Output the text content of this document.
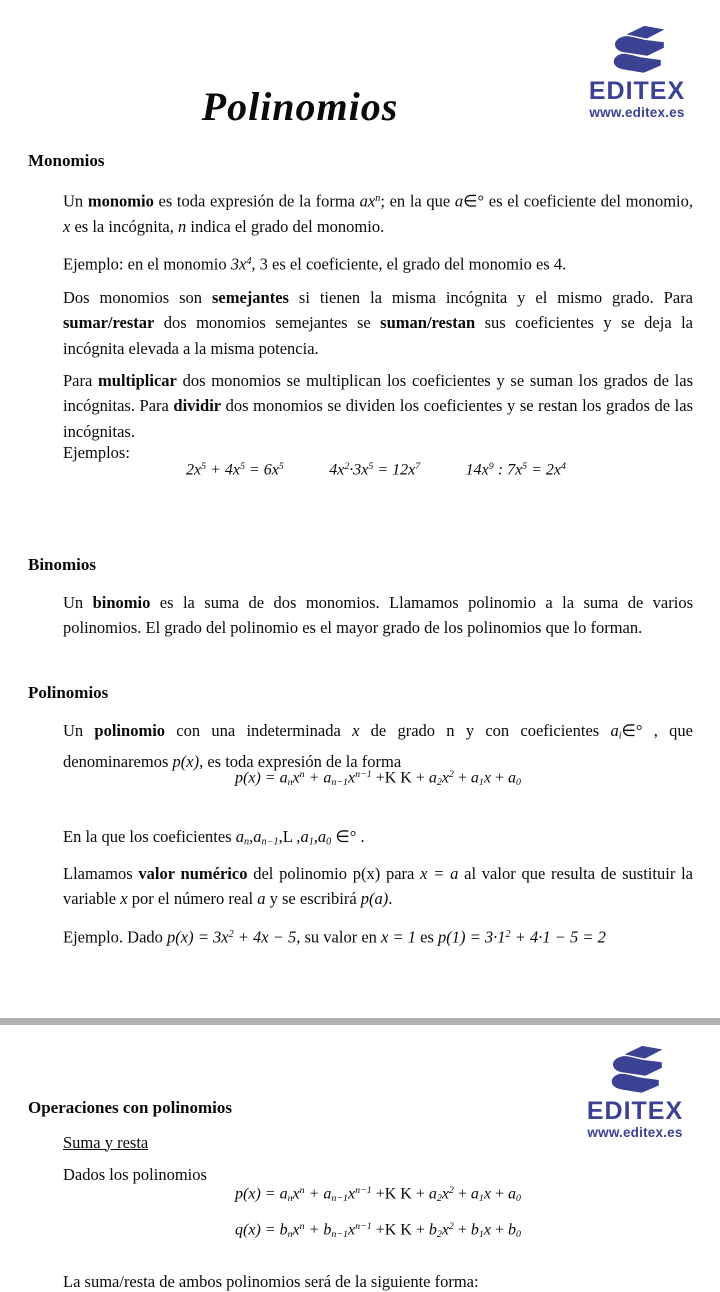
Polinomios	EDITEX
www.editex.es
Monomios

Un monomio es toda expresión de la forma $ax^n$; en la que a∈° es el coeficiente del monomio, x es la incógnita, n indica el grado del monomio.

Ejemplo: en el monomio $3x^4$, 3 es el coeficiente, el grado del monomio es 4.

Dos monomios son semejantes si tienen la misma incógnita y el mismo grado. Para sumar/restar dos monomios semejantes se suman/restan sus coeficientes y se deja la incógnita elevada a la misma potencia.

Para multiplicar dos monomios se multiplican los coeficientes y se suman los grados de las incógnitas. Para dividir dos monomios se dividen los coeficientes y se restan los grados de las incógnitas.

Ejemplos:

$2x^5 + 4x^5 = 6x^5$	$4x^2\cdot 3x^5 = 12x^7$	$14x^9$ : $7x^5 = 2x^4$
Binomios

Un binomio es la suma de dos monomios. Llamamos polinomio a la suma de varios polinomios. El grado del polinomio es el mayor grado de los polinomios que lo forman.

Polinomios

Un polinomio con una indeterminada x de grado n y con coeficientes ai∈° , que denominaremos p(x), es toda expresión de la forma

$p(x) = anx^n + an-1x^{n-1} +K$ $K + a2x^2 + a1x + a0$

En la que los coeficientes an,an−1,L ,a1,a0 ∈° .

Llamamos valor numérico del polinomio p(x) para x = a al valor que resulta de sustituir la variable x por el número real a y se escribirá p(a).

Ejemplo. Dado $p(x) = 3x^2 + 4x - 5$, su valor en x = 1 es $p(1) = 3\cdot 1^2 + 4\cdot 1 - 5 = 2$

EDITEX
www.editex.es
Operaciones con polinomios

Suma y resta

Dados los polinomios

$p(x) = anx^n + an-1x^{n-1} +K$ $K + a2x^2 + a1x + a0$
$q(x) = bnx^n + bn-1x^{n-1} +K$ $K + b2x^2 + b1x + b0$

La suma/resta de ambos polinomios será de la siguiente forma:
